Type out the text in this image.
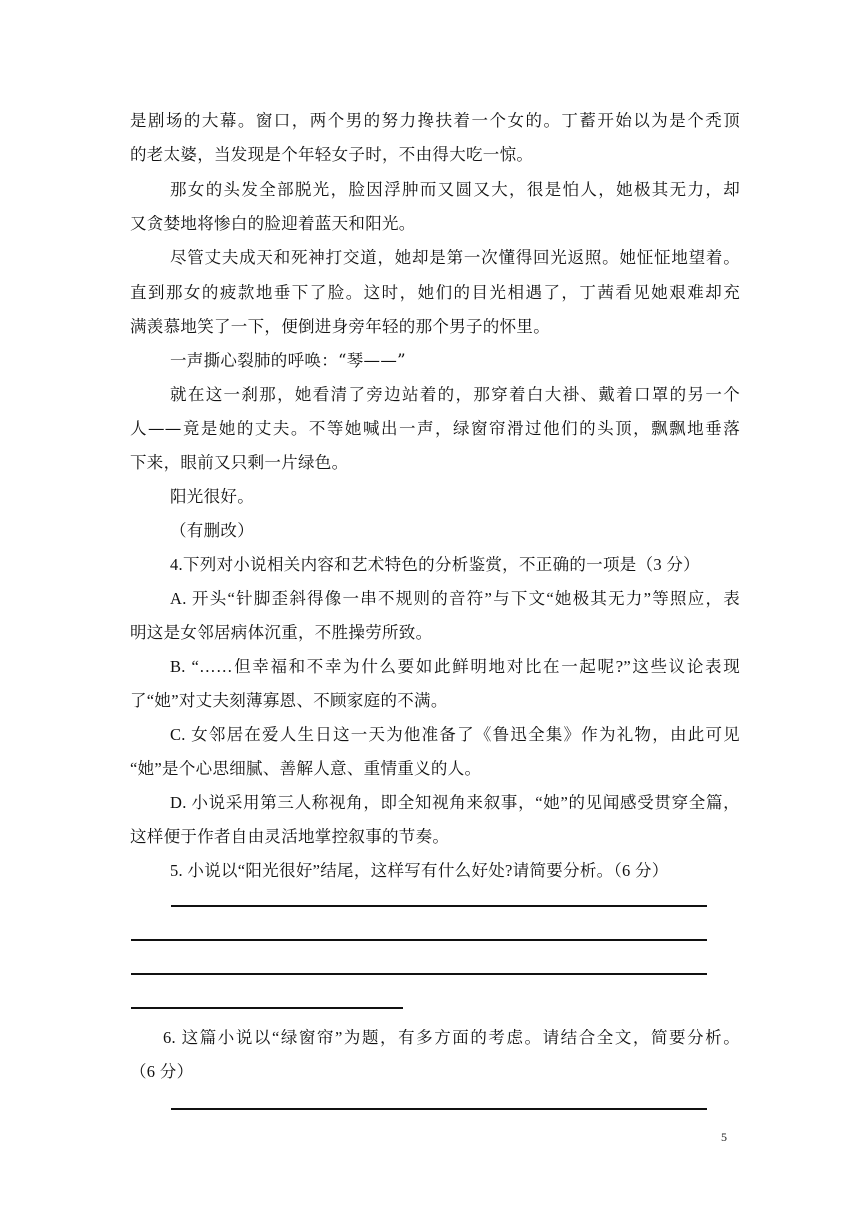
是剧场的大幕。窗口，两个男的努力搀扶着一个女的。丁蓄开始以为是个秃顶
的老太婆，当发现是个年轻女子时，不由得大吃一惊。
那女的头发全部脱光，脸因浮肿而又圆又大，很是怕人，她极其无力，却
又贪婪地将惨白的脸迎着蓝天和阳光。
尽管丈夫成天和死神打交道，她却是第一次懂得回光返照。她怔怔地望着。
直到那女的疲款地垂下了脸。这时，她们的目光相遇了，丁茜看见她艰难却充
满羡慕地笑了一下，便倒进身旁年轻的那个男子的怀里。
一声撕心裂肺的呼唤：“琴——”
就在这一刹那，她看清了旁边站着的，那穿着白大褂、戴着口罩的另一个
人——竟是她的丈夫。不等她喊出一声，绿窗帘滑过他们的头顶，飘飘地垂落
下来，眼前又只剩一片绿色。
阳光很好。
（有删改）
4.下列对小说相关内容和艺术特色的分析鉴赏，不正确的一项是（3 分）
A. 开头“针脚歪斜得像一串不规则的音符”与下文“她极其无力”等照应，表
明这是女邻居病体沉重，不胜操劳所致。
B. “……但幸福和不幸为什么要如此鲜明地对比在一起呢?”这些议论表现
了“她”对丈夫刻薄寡恩、不顾家庭的不满。
C. 女邻居在爱人生日这一天为他准备了《鲁迅全集》作为礼物，由此可见
“她”是个心思细腻、善解人意、重情重义的人。
D. 小说采用第三人称视角，即全知视角来叙事，“她”的见闻感受贯穿全篇，
这样便于作者自由灵活地掌控叙事的节奏。
5. 小说以“阳光很好”结尾，这样写有什么好处?请简要分析。（6 分）
6. 这篇小说以“绿窗帘”为题，有多方面的考虑。请结合全文，简要分析。
（6 分）
5
